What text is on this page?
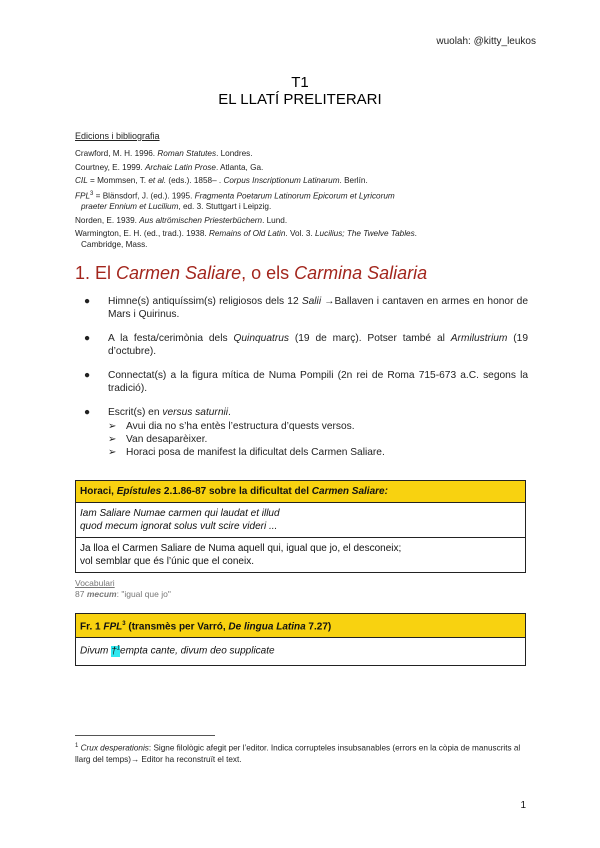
wuolah: @kitty_leukos
T1
EL LLATÍ PRELITERARI
Edicions i bibliografia
Crawford, M. H. 1996. Roman Statutes. Londres.
Courtney, E. 1999. Archaic Latin Prose. Atlanta, Ga.
CIL = Mommsen, T. et al. (eds.). 1858– . Corpus Inscriptionum Latinarum. Berlín.
$FPL^3$ = Blänsdorf, J. (ed.). 1995. Fragmenta Poetarum Latinorum Epicorum et Lyricorum
praeter Ennium et Lucilium, ed. 3. Stuttgart i Leipzig.
Norden, E. 1939. Aus altrömischen Priesterbüchern. Lund.
Warmington, E. H. (ed., trad.). 1938. Remains of Old Latin. Vol. 3. Lucilius; The Twelve Tables.
Cambridge, Mass.
1. El Carmen Saliare, o els Carmina Saliaria
●	Himne(s) antiquíssim(s) religiosos dels 12 Salii →Ballaven i cantaven en armes en honor de Mars i Quirinus.
●	A la festa/cerimònia dels Quinquatrus (19 de març). Potser també al Armilustrium (19 d’octubre).
●	Connectat(s) a la figura mítica de Numa Pompili (2n rei de Roma 715-673 a.C. segons la tradició).
●	Escrit(s) en versus saturnii.
➢ Avui dia no s’ha entès l’estructura d’quests versos.
➢ Van desaparèixer.
➢ Horaci posa de manifest la dificultat dels Carmen Saliare.
Horaci, Epístules 2.1.86-87 sobre la dificultat del Carmen Saliare:
Iam Saliare Numae carmen qui laudat et illud
quod mecum ignorat solus vult scire videri ...
Ja lloa el Carmen Saliare de Numa aquell qui, igual que jo, el desconeix;
vol semblar que és l’únic que el coneix.
Vocabulari
87 mecum: "igual que jo"
Fr. 1 FPL$^3$ (transmès per Varró, De lingua Latina 7.27)
Divum †$^1$empta cante, divum deo supplicate
$^1$ Crux desperationis: Signe filològic afegit per l’editor. Indica corrupteles insubsanables (errors en la còpia de manuscrits al llarg del temps)→ Editor ha reconstruït el text.
1
